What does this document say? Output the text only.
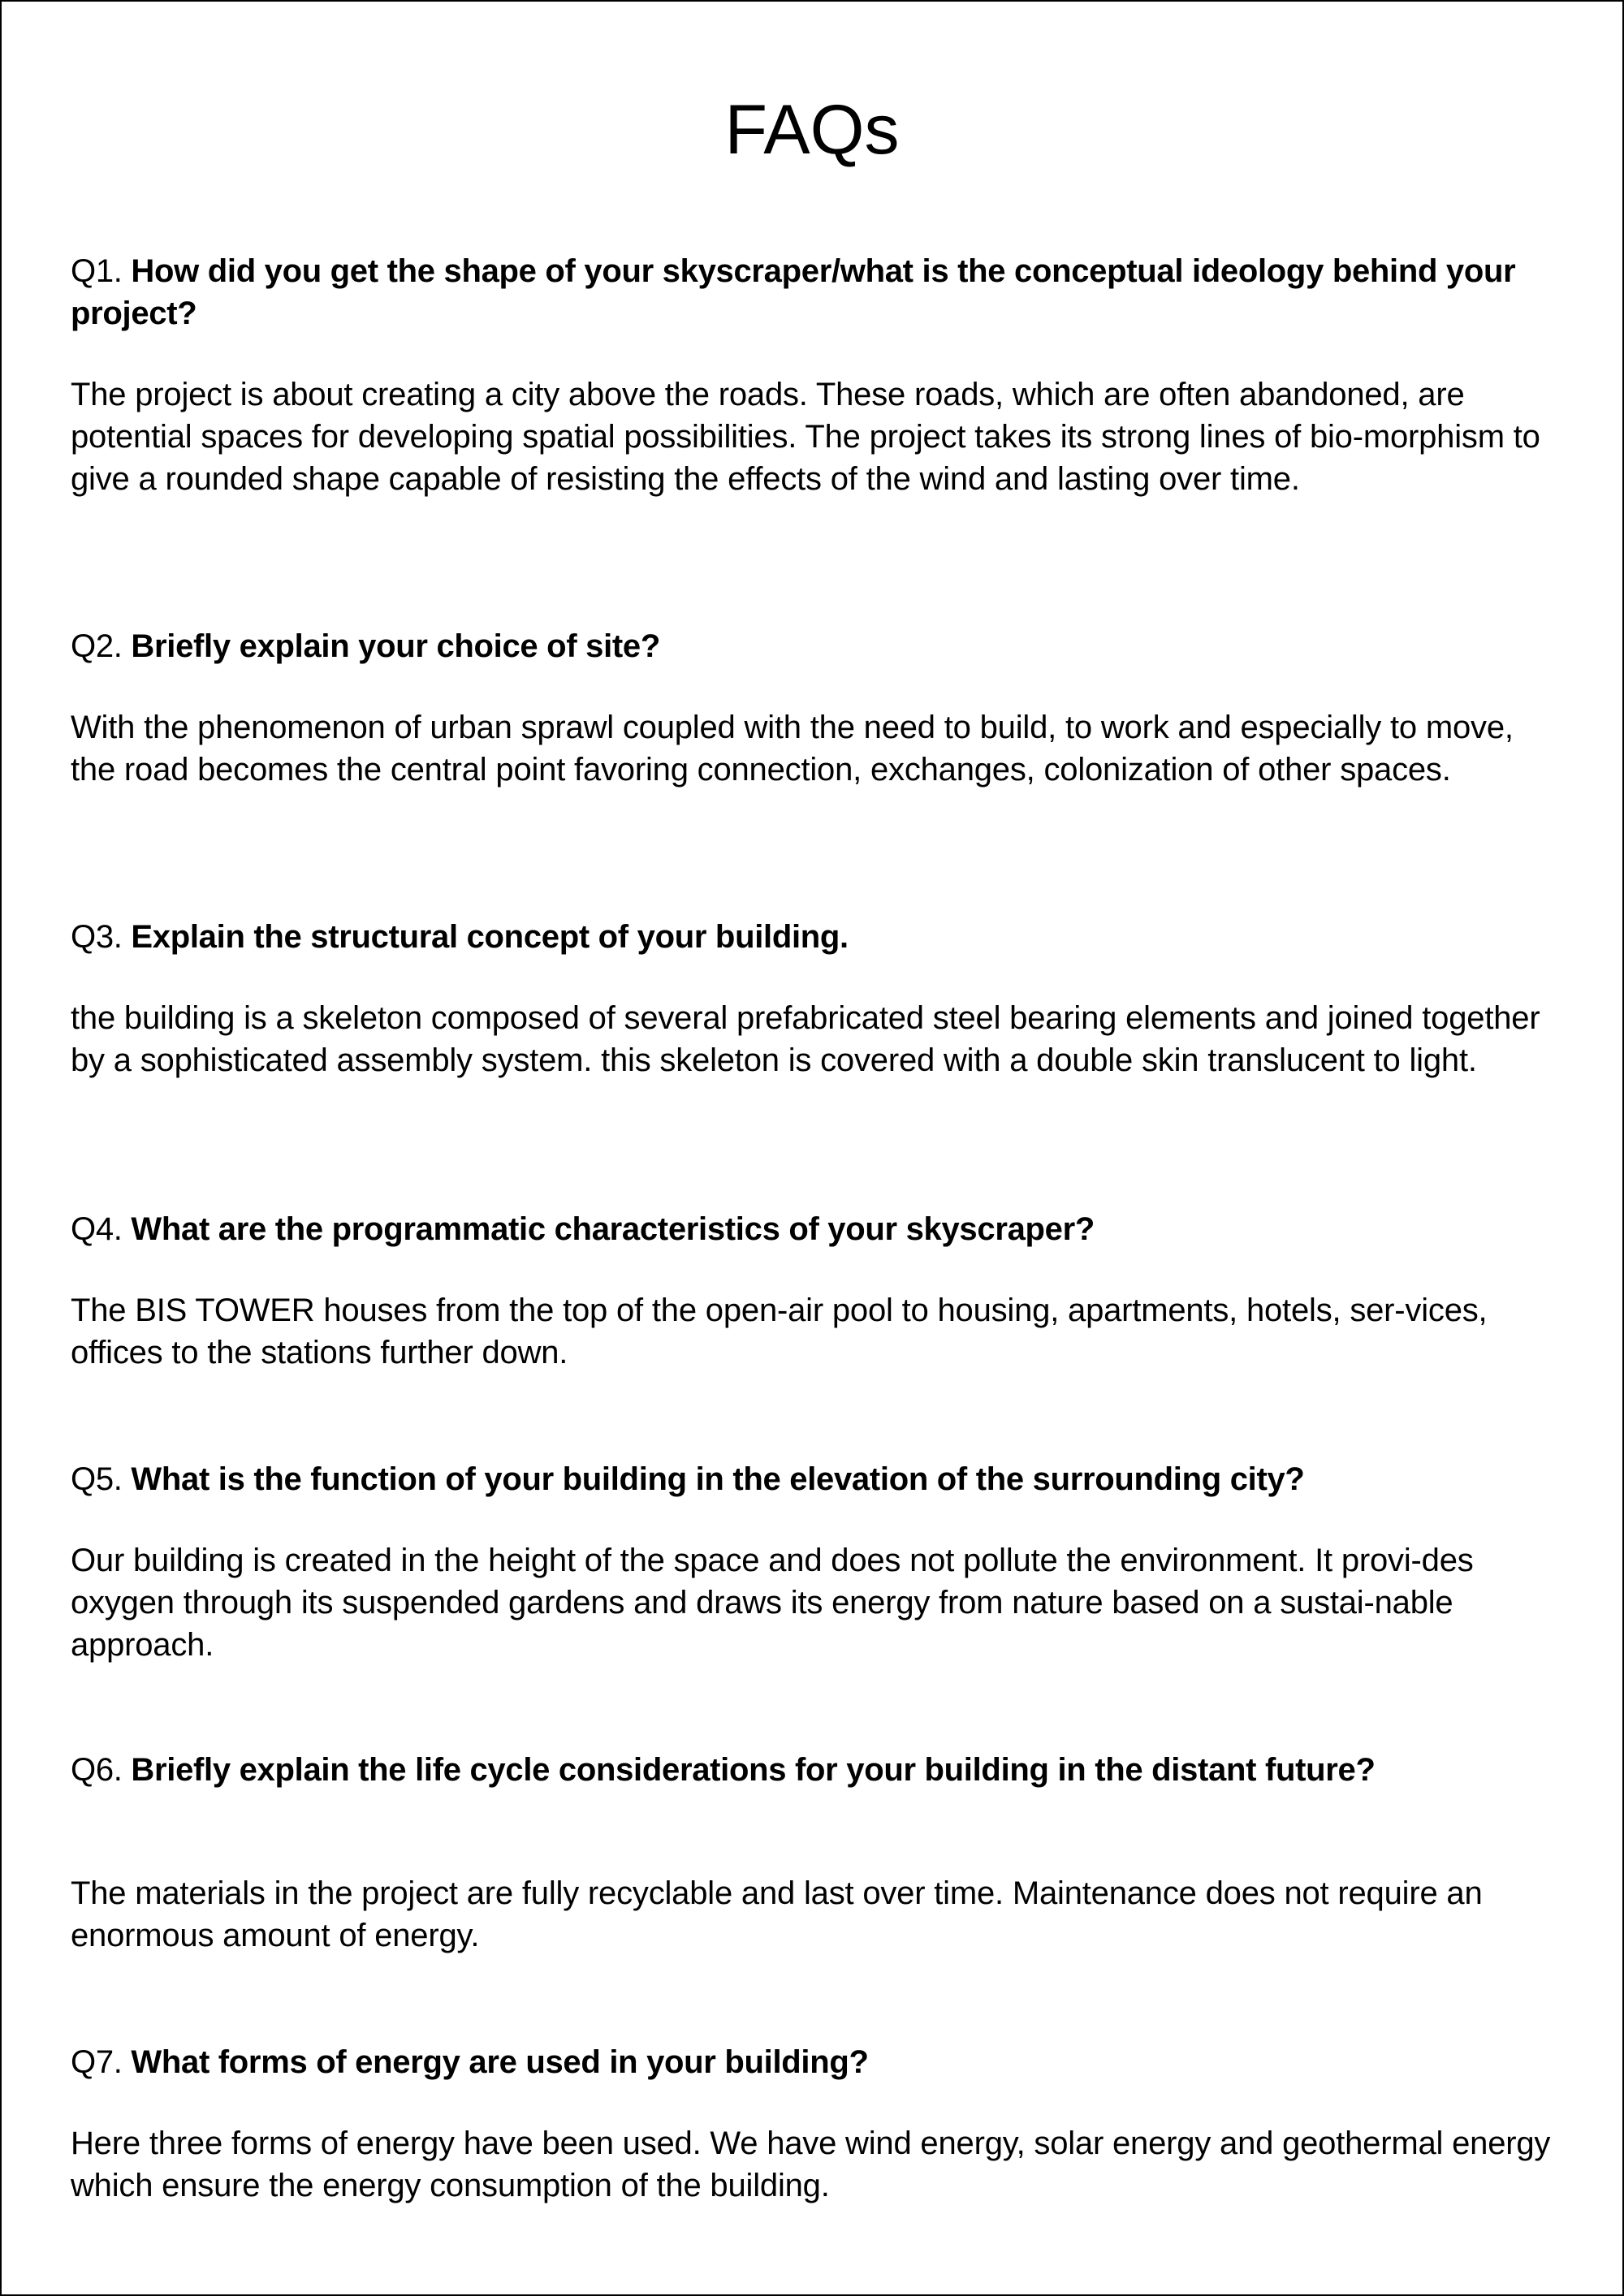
FAQs

Q1. How did you get the shape of your skyscraper/what is the conceptual ideology behind your project?

The project is about creating a city above the roads. These roads, which are often abandoned, are potential spaces for developing spatial possibilities. The project takes its strong lines of bio-morphism to give a rounded shape capable of resisting the effects of the wind and lasting over time.

Q2. Briefly explain your choice of site?

With the phenomenon of urban sprawl coupled with the need to build, to work and especially to move, the road becomes the central point favoring connection, exchanges, colonization of other spaces.

Q3. Explain the structural concept of your building.

the building is a skeleton composed of several prefabricated steel bearing elements and joined together by a sophisticated assembly system. this skeleton is covered with a double skin translucent to light.

Q4. What are the programmatic characteristics of your skyscraper?

The BIS TOWER houses from the top of the open-air pool to housing, apartments, hotels, ser-vices, offices to the stations further down.

Q5. What is the function of your building in the elevation of the surrounding city?

Our building is created in the height of the space and does not pollute the environment. It provi-des oxygen through its suspended gardens and draws its energy from nature based on a sustai-nable approach.

Q6. Briefly explain the life cycle considerations for your building in the distant future?

The materials in the project are fully recyclable and last over time. Maintenance does not require an enormous amount of energy.

Q7. What forms of energy are used in your building?

Here three forms of energy have been used. We have wind energy, solar energy and geothermal energy which ensure the energy consumption of the building.
